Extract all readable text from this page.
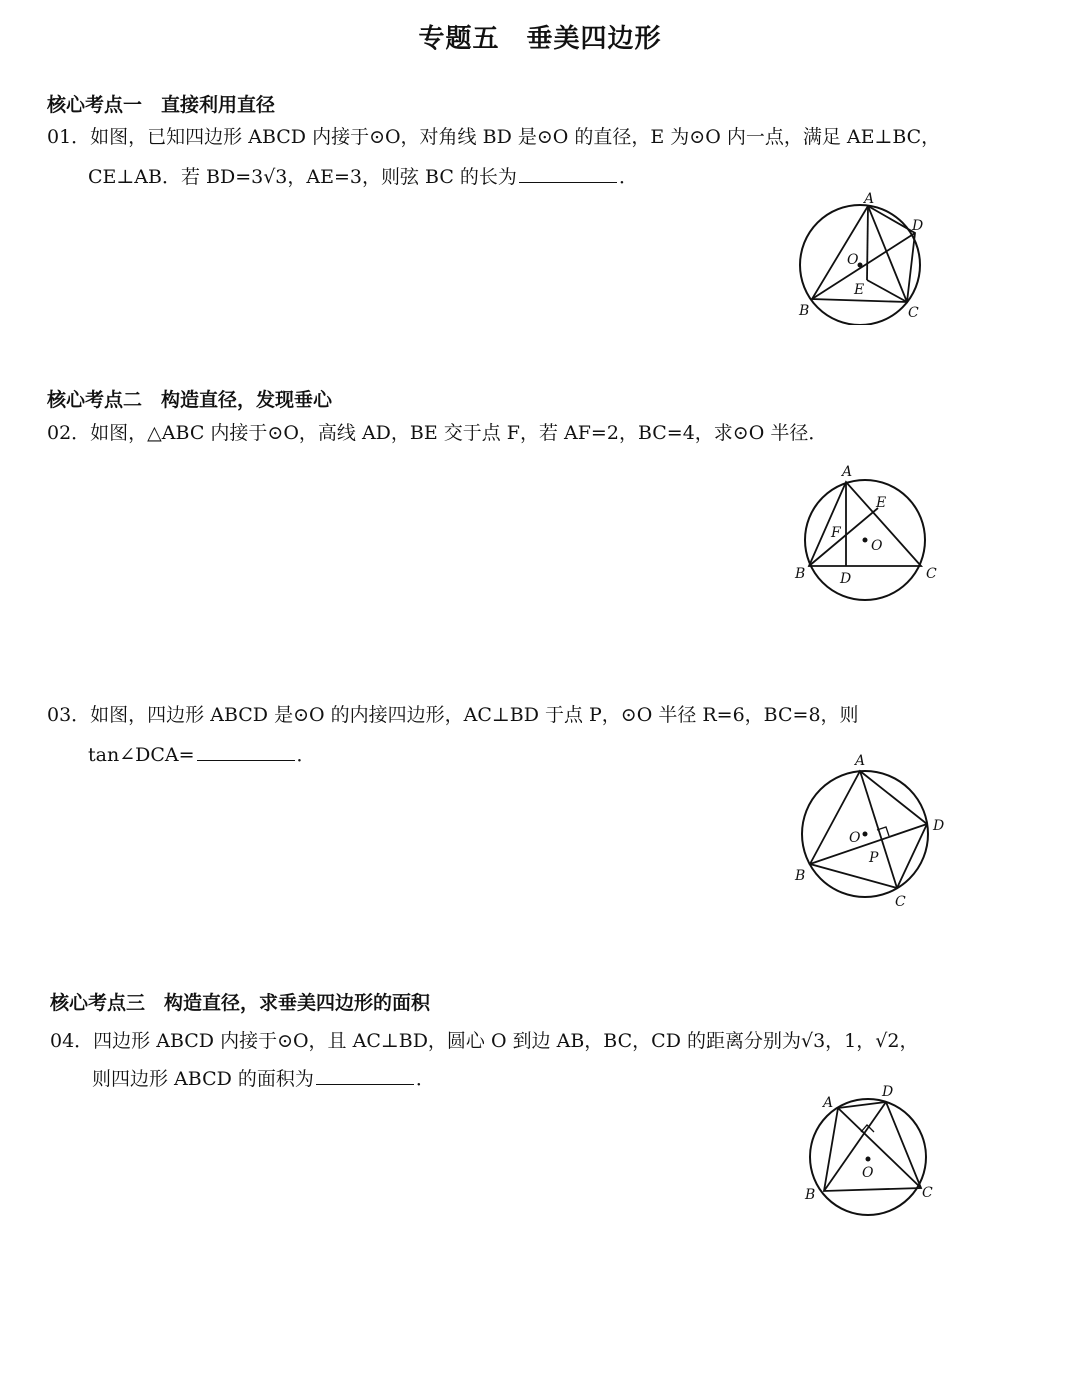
专题五　垂美四边形
核心考点一　直接利用直径
01．如图，已知四边形 ABCD 内接于⊙O，对角线 BD 是⊙O 的直径，E 为⊙O 内一点，满足 AE⊥BC，
CE⊥AB．若 BD=3√3，AE=3，则弦 BC 的长为	．
A
B	C
D
O
E
核心考点二　构造直径，发现垂心
02．如图，△ABC 内接于⊙O，高线 AD，BE 交于点 F，若 AF=2，BC=4，求⊙O 半径．
A
B	C
D
E
F
O
03．如图，四边形 ABCD 是⊙O 的内接四边形，AC⊥BD 于点 P，⊙O 半径 R=6，BC=8，则
tan∠DCA=	．	A
B
C
D
O
P
核心考点三　构造直径，求垂美四边形的面积
04．四边形 ABCD 内接于⊙O，且 AC⊥BD，圆心 O 到边 AB，BC，CD 的距离分别为√3，1，√2，
则四边形 ABCD 的面积为	．
A
D
B	C
O
